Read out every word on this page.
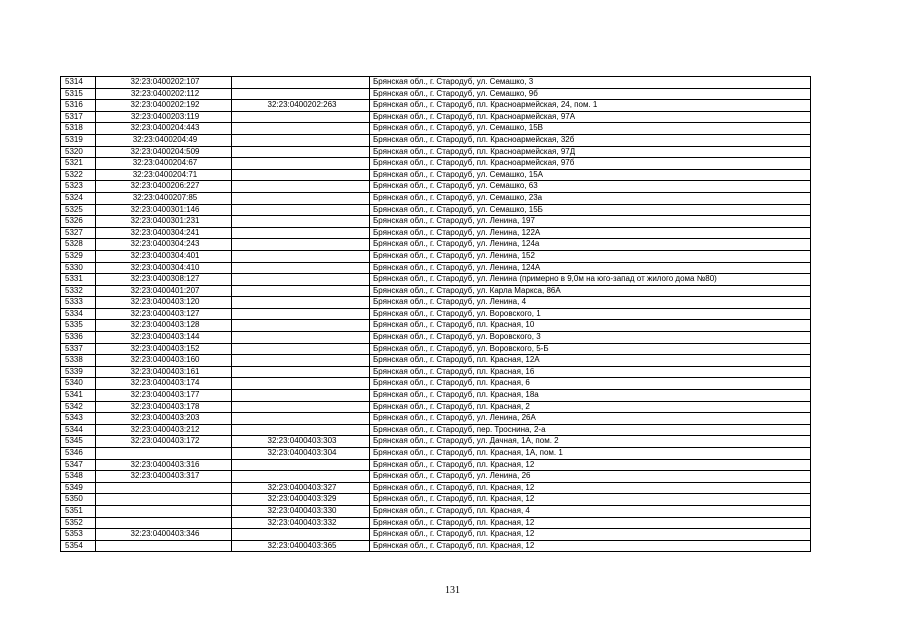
5314	32:23:0400202:107		Брянская обл., г. Стародуб, ул. Семашко, 3
5315	32:23:0400202:112		Брянская обл., г. Стародуб, ул. Семашко, 9б
5316	32:23:0400202:192	32:23:0400202:263	Брянская обл., г. Стародуб, пл. Красноармейская, 24, пом. 1
5317	32:23:0400203:119		Брянская обл., г. Стародуб, пл. Красноармейская, 97А
5318	32:23:0400204:443		Брянская обл., г. Стародуб, ул. Семашко, 15В
5319	32:23:0400204:49		Брянская обл., г. Стародуб, пл. Красноармейская, 32б
5320	32:23:0400204:509		Брянская обл., г. Стародуб, пл. Красноармейская, 97Д
5321	32:23:0400204:67		Брянская обл., г. Стародуб, пл. Красноармейская, 97б
5322	32:23:0400204:71		Брянская обл., г. Стародуб, ул. Семашко, 15А
5323	32:23:0400206:227		Брянская обл., г. Стародуб, ул. Семашко, 63
5324	32:23:0400207:85		Брянская обл., г. Стародуб, ул. Семашко, 23а
5325	32:23:0400301:146		Брянская обл., г. Стародуб, ул. Семашко, 15Б
5326	32:23:0400301:231		Брянская обл., г. Стародуб, ул. Ленина, 197
5327	32:23:0400304:241		Брянская обл., г. Стародуб, ул. Ленина, 122А
5328	32:23:0400304:243		Брянская обл., г. Стародуб, ул. Ленина, 124а
5329	32:23:0400304:401		Брянская обл., г. Стародуб, ул. Ленина, 152
5330	32:23:0400304:410		Брянская обл., г. Стародуб, ул. Ленина, 124А
5331	32:23:0400308:127		Брянская обл., г. Стародуб, ул. Ленина (примерно в 9,0м на юго-запад от жилого дома №80)
5332	32:23:0400401:207		Брянская обл., г. Стародуб, ул. Карла Маркса, 86А
5333	32:23:0400403:120		Брянская обл., г. Стародуб, ул. Ленина, 4
5334	32:23:0400403:127		Брянская обл., г. Стародуб, ул. Воровского, 1
5335	32:23:0400403:128		Брянская обл., г. Стародуб, пл. Красная, 10
5336	32:23:0400403:144		Брянская обл., г. Стародуб, ул. Воровского, 3
5337	32:23:0400403:152		Брянская обл., г. Стародуб, ул. Воровского, 5-Б
5338	32:23:0400403:160		Брянская обл., г. Стародуб, пл. Красная, 12А
5339	32:23:0400403:161		Брянская обл., г. Стародуб, пл. Красная, 16
5340	32:23:0400403:174		Брянская обл., г. Стародуб, пл. Красная, 6
5341	32:23:0400403:177		Брянская обл., г. Стародуб, пл. Красная, 18а
5342	32:23:0400403:178		Брянская обл., г. Стародуб, пл. Красная, 2
5343	32:23:0400403:203		Брянская обл., г. Стародуб, ул. Ленина, 26А
5344	32:23:0400403:212		Брянская обл., г. Стародуб, пер. Троснина, 2-а
5345	32:23:0400403:172	32:23:0400403:303	Брянская обл., г. Стародуб, ул. Дачная, 1А, пом. 2
5346		32:23:0400403:304	Брянская обл., г. Стародуб, пл. Красная, 1А, пом. 1
5347	32:23:0400403:316		Брянская обл., г. Стародуб, пл. Красная, 12
5348	32:23:0400403:317		Брянская обл., г. Стародуб, ул. Ленина, 26
5349		32:23:0400403:327	Брянская обл., г. Стародуб, пл. Красная, 12
5350		32:23:0400403:329	Брянская обл., г. Стародуб, пл. Красная, 12
5351		32:23:0400403:330	Брянская обл., г. Стародуб, пл. Красная, 4
5352		32:23:0400403:332	Брянская обл., г. Стародуб, пл. Красная, 12
5353	32:23:0400403:346		Брянская обл., г. Стародуб, пл. Красная, 12
5354		32:23:0400403:365	Брянская обл., г. Стародуб, пл. Красная, 12
131
